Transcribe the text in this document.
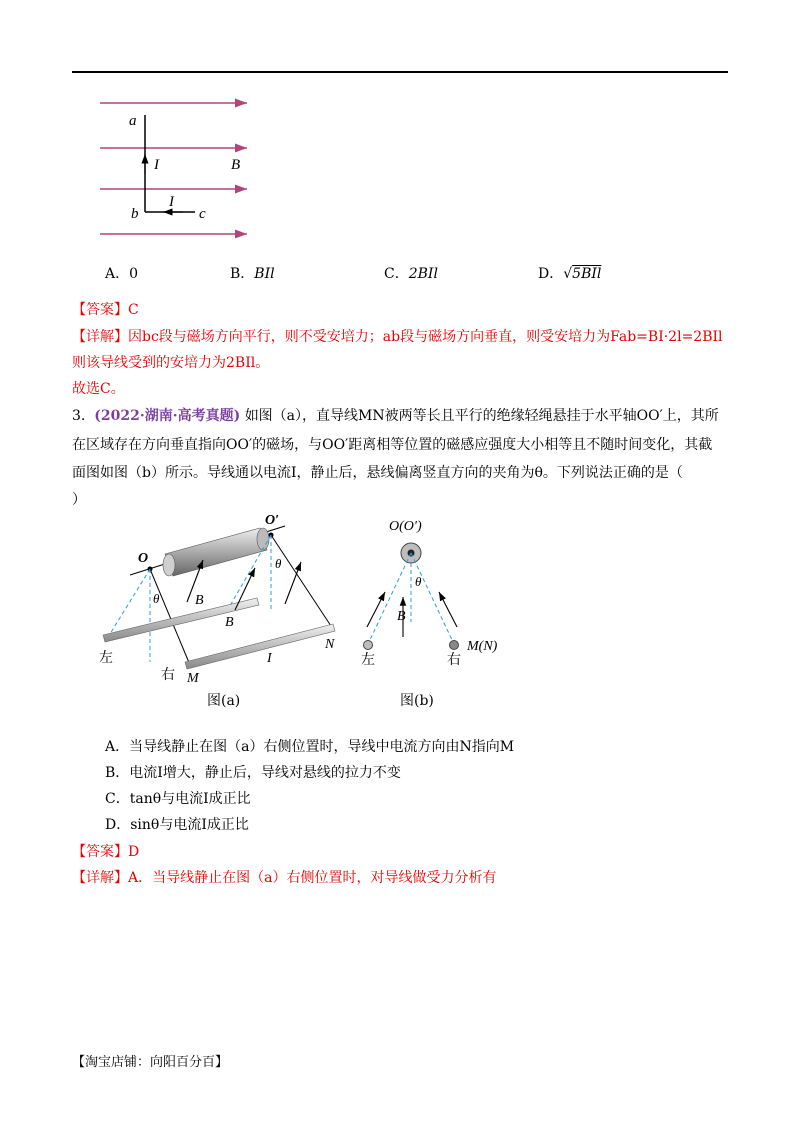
a
I	B
I
b	c
A．0	B．BIl	C．2BIl	D．√5BIl
【答案】C
【详解】因bc段与磁场方向平行，则不受安培力；ab段与磁场方向垂直，则受安培力为Fab=BI·2l=2BIl
则该导线受到的安培力为2BIl。
故选C。
3. (2022·湖南·高考真题) 如图（a），直导线MN被两等长且平行的绝缘轻绳悬挂于水平轴OO′上，其所
在区域存在方向垂直指向OO′的磁场，与OO′距离相等位置的磁感应强度大小相等且不随时间变化，其截
面图如图（b）所示。导线通以电流I，静止后，悬线偏离竖直方向的夹角为θ。下列说法正确的是（
）
O
O′
θ
θ
B
B
N
M
I
左
右
图(a)
O(O′)
θ
B
M(N)
左	右
图(b)
A．当导线静止在图（a）右侧位置时，导线中电流方向由N指向M
B．电流I增大，静止后，导线对悬线的拉力不变
C．tanθ与电流I成正比
D．sinθ与电流I成正比
【答案】D
【详解】A．当导线静止在图（a）右侧位置时，对导线做受力分析有
【淘宝店铺：向阳百分百】
